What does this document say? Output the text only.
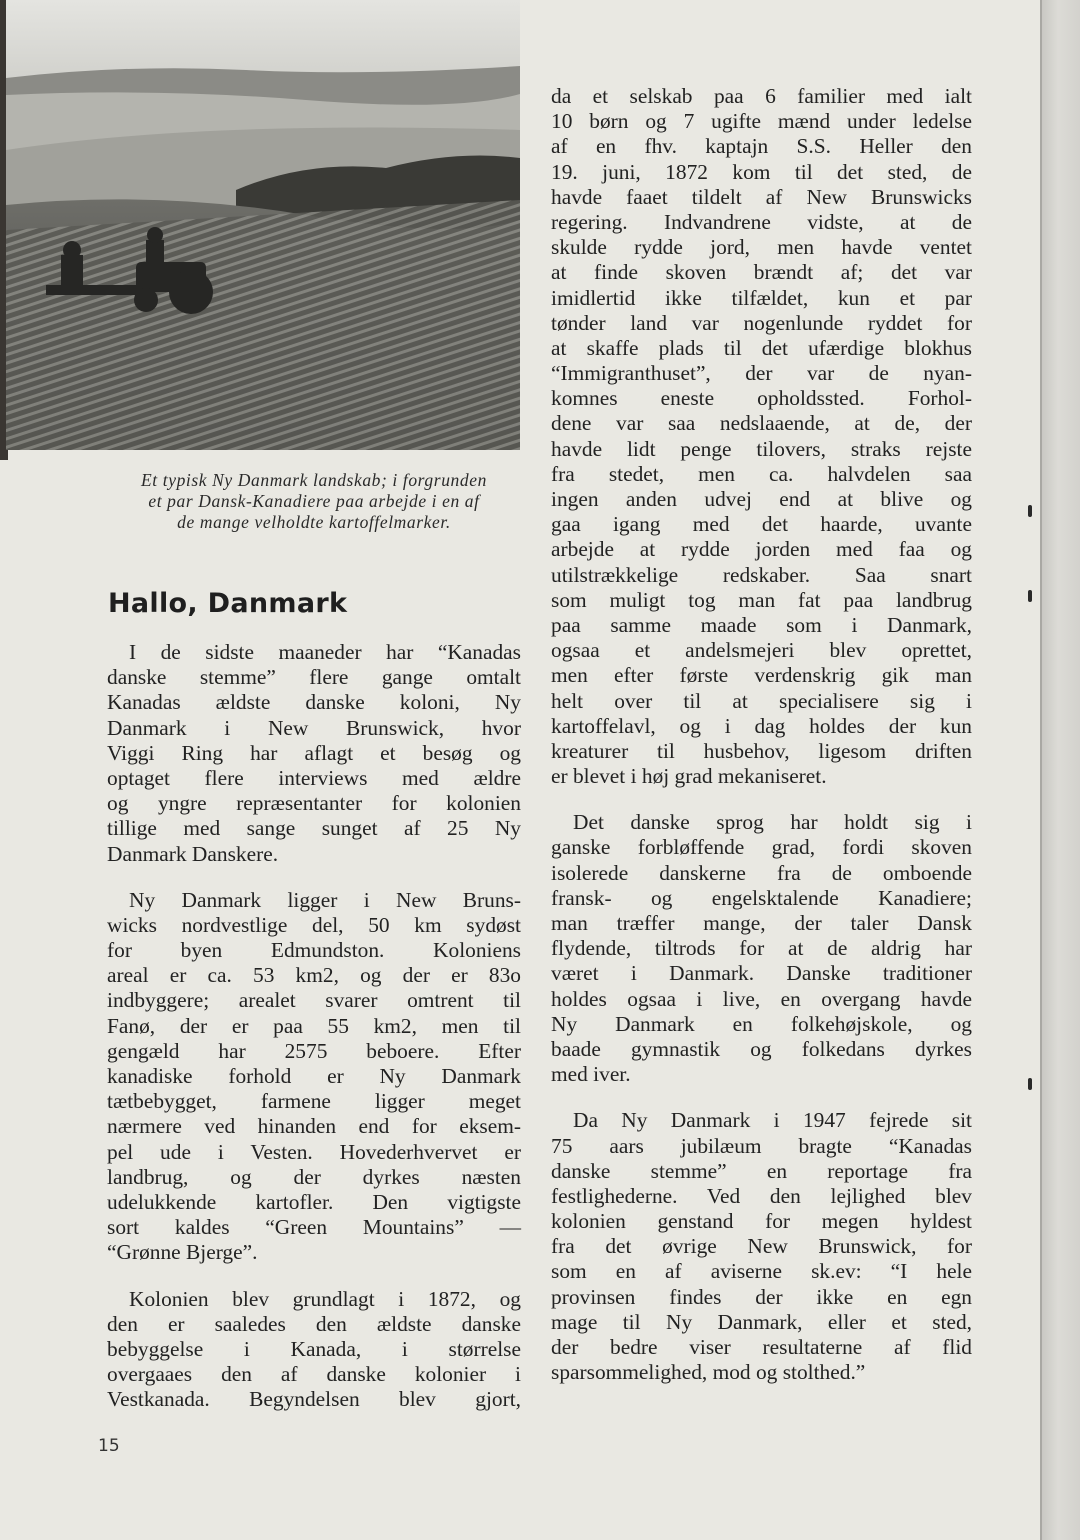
Et typisk Ny Danmark landskab; i forgrunden
et par Dansk-Kanadiere paa arbejde i en af
de mange velholdte kartoffelmarker.
Hallo, Danmark
I de sidste maaneder har “Kanadas
danske stemme” flere gange omtalt
Kanadas ældste danske koloni, Ny
Danmark i New Brunswick, hvor
Viggi Ring har aflagt et besøg og
optaget flere interviews med ældre
og yngre repræsentanter for kolonien
tillige med sange sunget af 25 Ny
Danmark Danskere.
Ny Danmark ligger i New Bruns-
wicks nordvestlige del, 50 km sydøst
for byen Edmundston. Koloniens
areal er ca. 53 km2, og der er 83o
indbyggere; arealet svarer omtrent til
Fanø, der er paa 55 km2, men til
gengæld har 2575 beboere. Efter
kanadiske forhold er Ny Danmark
tætbebygget, farmene ligger meget
nærmere ved hinanden end for eksem-
pel ude i Vesten. Hovederhvervet er
landbrug, og der dyrkes næsten
udelukkende kartofler. Den vigtigste
sort kaldes “Green Mountains” —
“Grønne Bjerge”.
Kolonien blev grundlagt i 1872, og
den er saaledes den ældste danske
bebyggelse i Kanada, i størrelse
overgaaes den af danske kolonier i
Vestkanada. Begyndelsen blev gjort,
da et selskab paa 6 familier med ialt
10 børn og 7 ugifte mænd under ledelse
af en fhv. kaptajn S.S. Heller den
19. juni, 1872 kom til det sted, de
havde faaet tildelt af New Brunswicks
regering. Indvandrene vidste, at de
skulde rydde jord, men havde ventet
at finde skoven brændt af; det var
imidlertid ikke tilfældet, kun et par
tønder land var nogenlunde ryddet for
at skaffe plads til det ufærdige blokhus
“Immigranthuset”, der var de nyan-
komnes eneste opholdssted. Forhol-
dene var saa nedslaaende, at de, der
havde lidt penge tilovers, straks rejste
fra stedet, men ca. halvdelen saa
ingen anden udvej end at blive og
gaa igang med det haarde, uvante
arbejde at rydde jorden med faa og
utilstrækkelige redskaber. Saa snart
som muligt tog man fat paa landbrug
paa samme maade som i Danmark,
ogsaa et andelsmejeri blev oprettet,
men efter første verdenskrig gik man
helt over til at specialisere sig i
kartoffelavl, og i dag holdes der kun
kreaturer til husbehov, ligesom driften
er blevet i høj grad mekaniseret.
Det danske sprog har holdt sig i
ganske forbløffende grad, fordi skoven
isolerede danskerne fra de omboende
fransk- og engelsktalende Kanadiere;
man træffer mange, der taler Dansk
flydende, tiltrods for at de aldrig har
været i Danmark. Danske traditioner
holdes ogsaa i live, en overgang havde
Ny Danmark en folkehøjskole, og
baade gymnastik og folkedans dyrkes
med iver.
Da Ny Danmark i 1947 fejrede sit
75 aars jubilæum bragte “Kanadas
danske stemme” en reportage fra
festlighederne. Ved den lejlighed blev
kolonien genstand for megen hyldest
fra det øvrige New Brunswick, for
som en af aviserne sk.ev: “I hele
provinsen findes der ikke en egn
mage til Ny Danmark, eller et sted,
der bedre viser resultaterne af flid
sparsommelighed, mod og stolthed.”
15
